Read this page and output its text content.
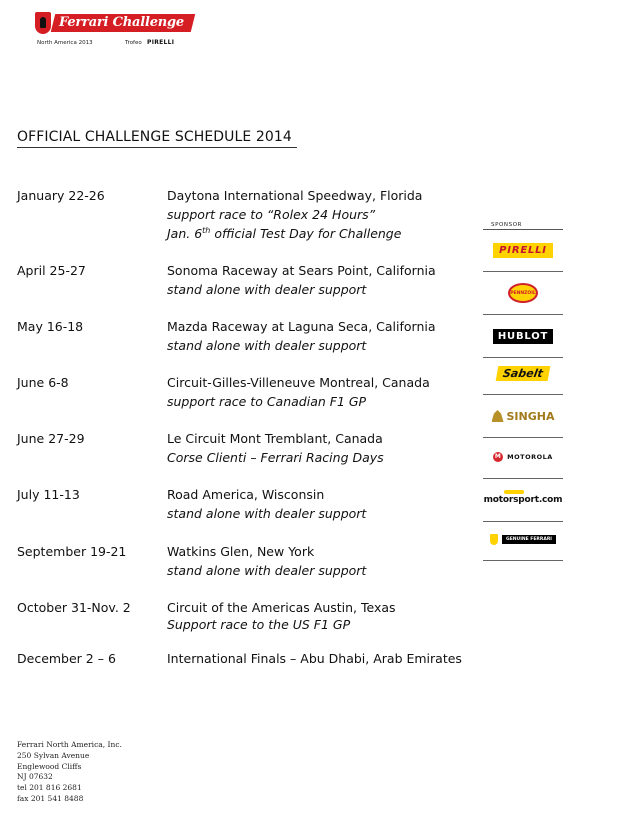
Ferrari Challenge
North America 2013	Trofeo PIRELLI
OFFICIAL CHALLENGE SCHEDULE 2014
January 22-26	Daytona International Speedway, Florida
support race to “Rolex 24 Hours”
Jan. 6th official Test Day for Challenge
April 25-27	Sonoma Raceway at Sears Point, California
stand alone with dealer support
May 16-18	Mazda Raceway at Laguna Seca, California
stand alone with dealer support
June 6-8	Circuit-Gilles-Villeneuve Montreal, Canada
support race to Canadian F1 GP
June 27-29	Le Circuit Mont Tremblant, Canada
Corse Clienti – Ferrari Racing Days
July 11-13	Road America, Wisconsin
stand alone with dealer support
September 19-21	Watkins Glen, New York
stand alone with dealer support
October 31-Nov. 2	Circuit of the Americas Austin, Texas
Support race to the US F1 GP
December 2 – 6	International Finals – Abu Dhabi, Arab Emirates
SPONSOR
PIRELLI
PENNZOIL
HUBLOT
Sabelt
SINGHA
M MOTOROLA
motorsport.com
GENUINE FERRARI
Ferrari North America, Inc.
250 Sylvan Avenue
Englewood Cliffs
NJ 07632
tel 201 816 2681
fax 201 541 8488
